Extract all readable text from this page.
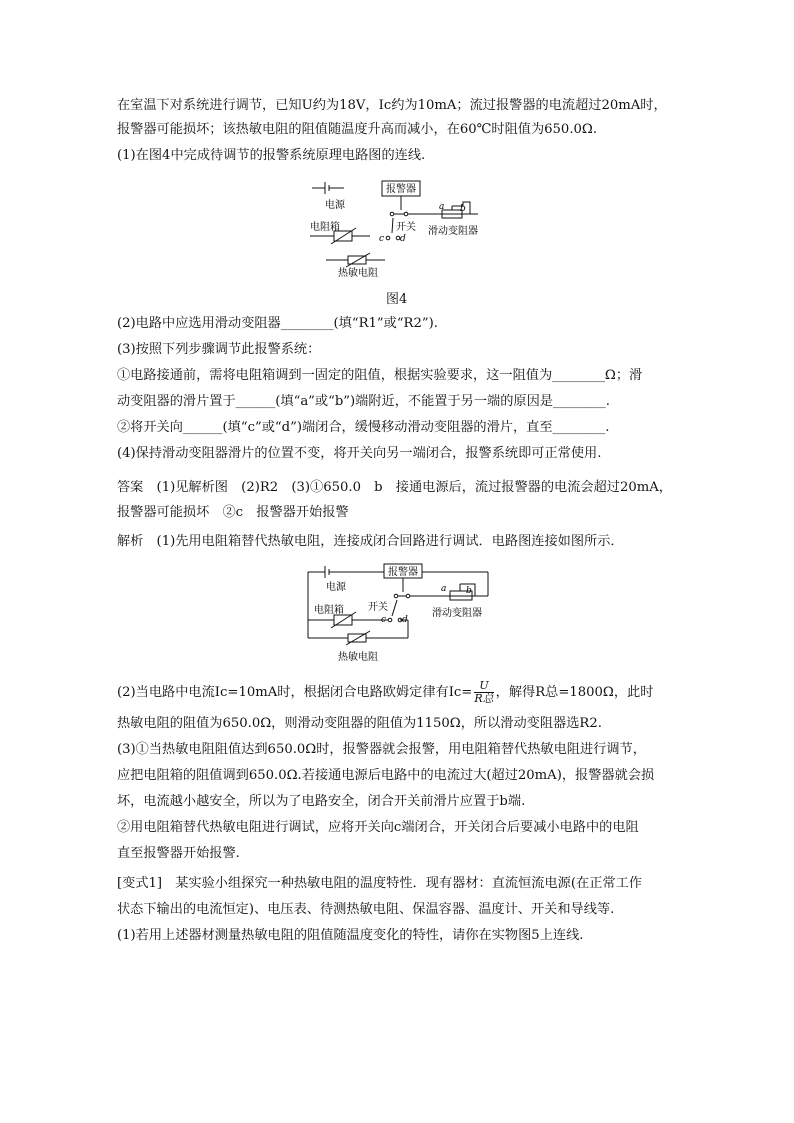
在室温下对系统进行调节，已知U约为18V，Ic约为10mA；流过报警器的电流超过20mA时，
报警器可能损坏；该热敏电阻的阻值随温度升高而减小，在60℃时阻值为650.0Ω.
(1)在图4中完成待调节的报警系统原理电路图的连线.
电源
报警器
开关
电阻箱
热敏电阻
滑动变阻器
a b
c d
图4
(2)电路中应选用滑动变阻器________(填“R1”或“R2”).
(3)按照下列步骤调节此报警系统：
①电路接通前，需将电阻箱调到一固定的阻值，根据实验要求，这一阻值为________Ω；滑
动变阻器的滑片置于______(填“a”或“b”)端附近，不能置于另一端的原因是________.
②将开关向______(填“c”或“d”)端闭合，缓慢移动滑动变阻器的滑片，直至________.
(4)保持滑动变阻器滑片的位置不变，将开关向另一端闭合，报警系统即可正常使用.
答案　(1)见解析图　(2)R2　(3)①650.0　b　接通电源后，流过报警器的电流会超过20mA，
报警器可能损坏　②c　报警器开始报警
解析　(1)先用电阻箱替代热敏电阻，连接成闭合回路进行调试．电路图连接如图所示．
电源
报警器
开关
电阻箱
热敏电阻
滑动变阻器
a b
c d
(2)当电路中电流Ic=10mA时，根据闭合电路欧姆定律有$Ic= \frac{U}{\text{R总}}$ ，解得R总=1800Ω，此时
热敏电阻的阻值为650.0Ω，则滑动变阻器的阻值为1150Ω，所以滑动变阻器选R2.
(3)①当热敏电阻阻值达到650.0Ω时，报警器就会报警，用电阻箱替代热敏电阻进行调节，
应把电阻箱的阻值调到650.0Ω.若接通电源后电路中的电流过大(超过20mA)，报警器就会损
坏，电流越小越安全，所以为了电路安全，闭合开关前滑片应置于b端.
②用电阻箱替代热敏电阻进行调试，应将开关向c端闭合，开关闭合后要减小电路中的电阻
直至报警器开始报警.
[变式1]　某实验小组探究一种热敏电阻的温度特性．现有器材：直流恒流电源(在正常工作
状态下输出的电流恒定)、电压表、待测热敏电阻、保温容器、温度计、开关和导线等.
(1)若用上述器材测量热敏电阻的阻值随温度变化的特性，请你在实物图5上连线.
